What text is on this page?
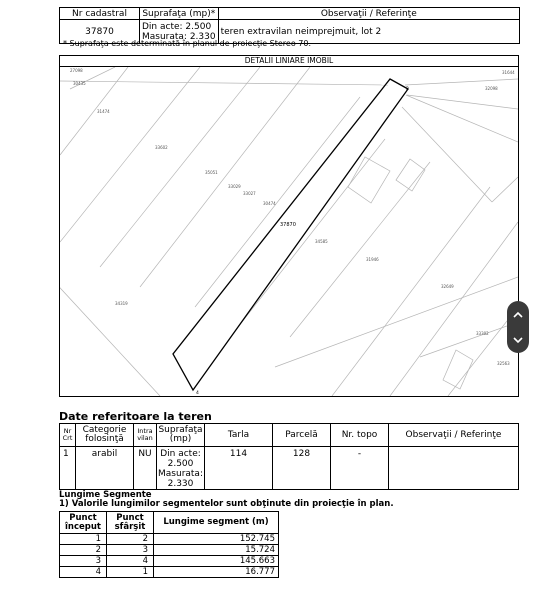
Nr cadastral	Suprafaţa (mp)*	Observaţii / Referinţe
37870	Din acte: 2.500
Masurata: 2.330	teren extravilan neimprejmuit, lot 2
* Suprafaţa este determinată în planul de proiecţie Stereo 70.
DETALII LINIARE IMOBIL
30435
31474
33602
35051
33029
33027
30474
37870
34585
31946
32649
31644
32098
34319
33302
32563
27098
2
4
Date referitoare la teren
Nr Crt	Categorie folosinţă	Intra vilan	Suprafaţa (mp)	Tarla	Parcelă	Nr. topo	Observaţii / Referinţe
1	arabil	NU	Din acte:
2.500
Masurata:
2.330	114	128	-	
Lungime Segmente
1) Valorile lungimilor segmentelor sunt obţinute din proiecţie în plan.
Punct început	Punct sfârşit	Lungime segment (m)
1	2	152.745
2	3	15.724
3	4	145.663
4	1	16.777
